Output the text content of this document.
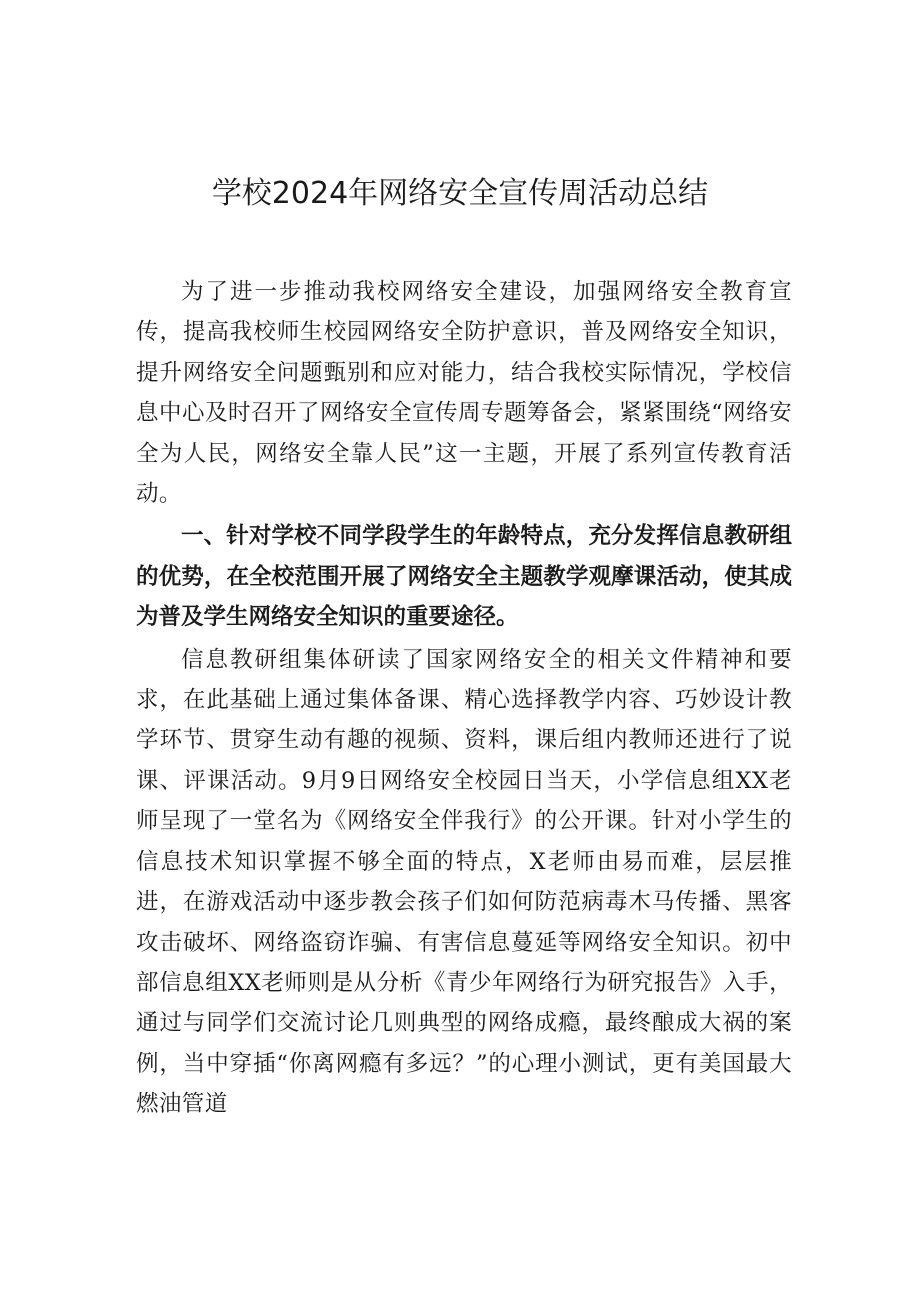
学校2024年网络安全宣传周活动总结

为了进一步推动我校网络安全建设，加强网络安全教育宣传，提高我校师生校园网络安全防护意识，普及网络安全知识，提升网络安全问题甄别和应对能力，结合我校实际情况，学校信息中心及时召开了网络安全宣传周专题筹备会，紧紧围绕“网络安全为人民，网络安全靠人民”这一主题，开展了系列宣传教育活动。

一、针对学校不同学段学生的年龄特点，充分发挥信息教研组的优势，在全校范围开展了网络安全主题教学观摩课活动，使其成为普及学生网络安全知识的重要途径。

信息教研组集体研读了国家网络安全的相关文件精神和要求，在此基础上通过集体备课、精心选择教学内容、巧妙设计教学环节、贯穿生动有趣的视频、资料，课后组内教师还进行了说课、评课活动。9月9日网络安全校园日当天，小学信息组XX老师呈现了一堂名为《网络安全伴我行》的公开课。针对小学生的信息技术知识掌握不够全面的特点，X老师由易而难，层层推进，在游戏活动中逐步教会孩子们如何防范病毒木马传播、黑客攻击破坏、网络盗窃诈骗、有害信息蔓延等网络安全知识。初中部信息组XX老师则是从分析《青少年网络行为研究报告》入手，通过与同学们交流讨论几则典型的网络成瘾，最终酿成大祸的案例，当中穿插“你离网瘾有多远？”的心理小测试，更有美国最大燃油管道
